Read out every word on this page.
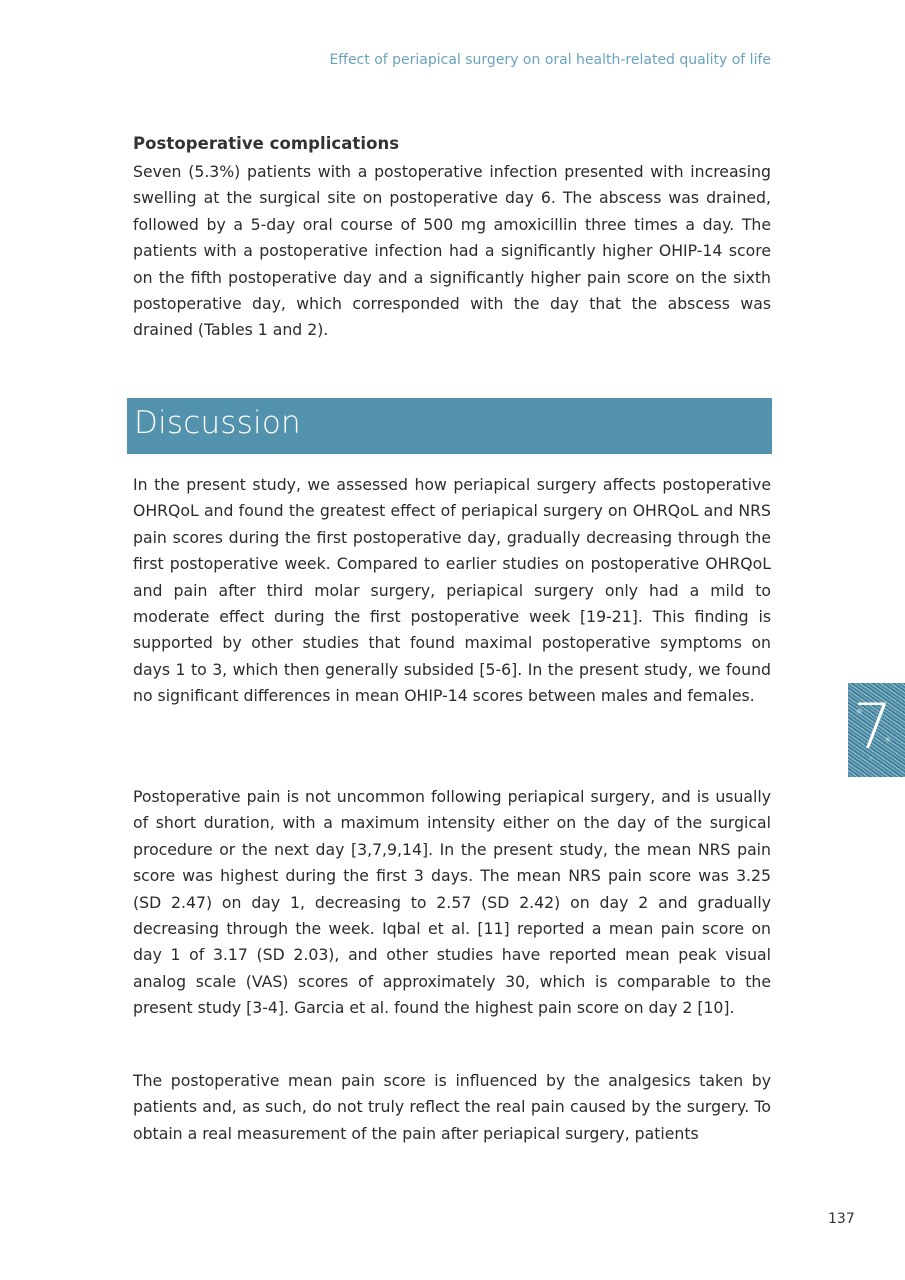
Effect of periapical surgery on oral health-related quality of life
Postoperative complications

Seven (5.3%) patients with a postoperative infection presented with increasing swelling at the surgical site on postoperative day 6. The abscess was drained, followed by a 5-day oral course of 500 mg amoxicillin three times a day. The patients with a postoperative infection had a significantly higher OHIP-14 score on the fifth postoperative day and a significantly higher pain score on the sixth postoperative day, which corresponded with the day that the abscess was drained (Tables 1 and 2).

Discussion

In the present study, we assessed how periapical surgery affects postoperative OHRQoL and found the greatest effect of periapical surgery on OHRQoL and NRS pain scores during the first postoperative day, gradually decreasing through the first postoperative week. Compared to earlier studies on postoperative OHRQoL and pain after third molar surgery, periapical surgery only had a mild to moderate effect during the first postoperative week [19-21]. This finding is supported by other studies that found maximal postoperative symptoms on days 1 to 3, which then generally subsided [5-6]. In the present study, we found no significant differences in mean OHIP-14 scores between males and females.

Postoperative pain is not uncommon following periapical surgery, and is usually of short duration, with a maximum intensity either on the day of the surgical procedure or the next day [3,7,9,14]. In the present study, the mean NRS pain score was highest during the first 3 days. The mean NRS pain score was 3.25 (SD 2.47) on day 1, decreasing to 2.57 (SD 2.42) on day 2 and gradually decreasing through the week. Iqbal et al. [11] reported a mean pain score on day 1 of 3.17 (SD 2.03), and other studies have reported mean peak visual analog scale (VAS) scores of approximately 30, which is comparable to the present study [3-4]. Garcia et al. found the highest pain score on day 2 [10].

The postoperative mean pain score is influenced by the analgesics taken by patients and, as such, do not truly reflect the real pain caused by the surgery. To obtain a real measurement of the pain after periapical surgery, patients

7
137
